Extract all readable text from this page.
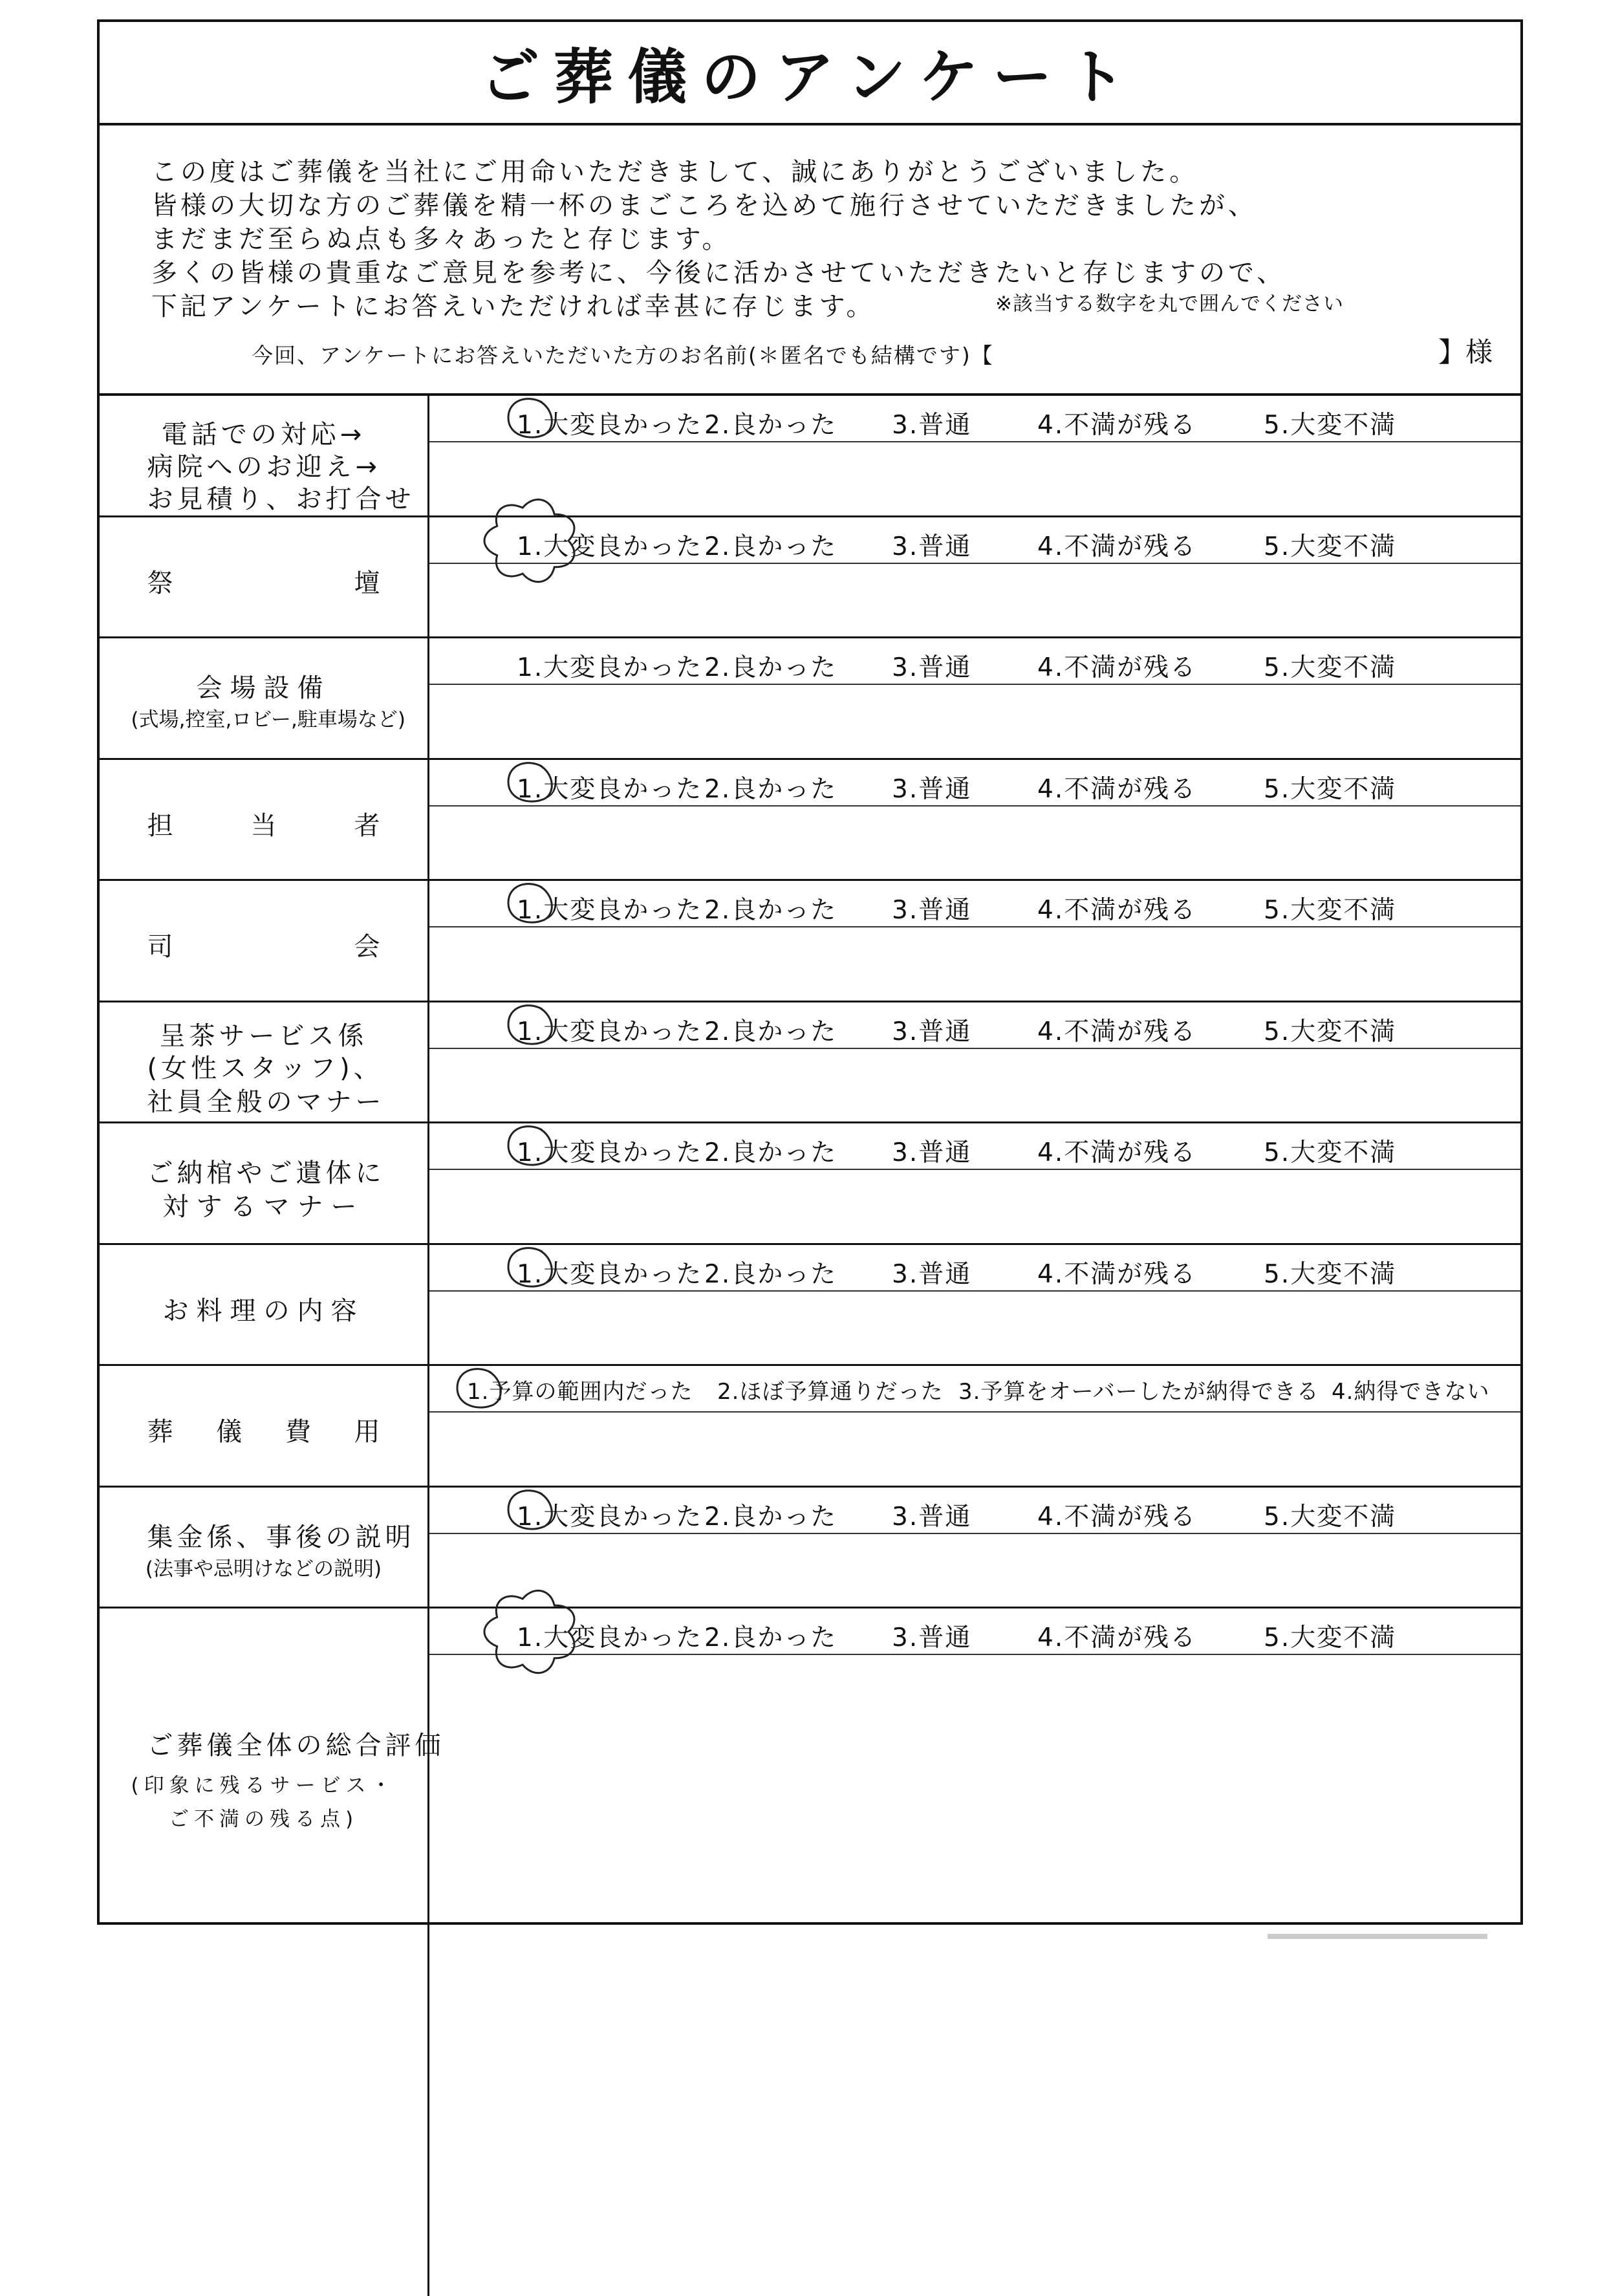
ご葬儀のアンケート
この度はご葬儀を当社にご用命いただきまして、誠にありがとうございました。
皆様の大切な方のご葬儀を精一杯のまごころを込めて施行させていただきましたが、
まだまだ至らぬ点も多々あったと存じます。
多くの皆様の貴重なご意見を参考に、今後に活かさせていただきたいと存じますので、
下記アンケートにお答えいただければ幸甚に存じます。	※該当する数字を丸で囲んでください
今回、アンケートにお答えいただいた方のお名前(＊匿名でも結構です)【	】様
電話での対応→
病院へのお迎え→
お見積り、お打合せ
1.大変良かった 2.良かった 3.普通	4.不満が残る	5.大変不満
祭	壇
1.大変良かった 2.良かった 3.普通	4.不満が残る	5.大変不満
会場設備
(式場,控室,ロビー,駐車場など)
1.大変良かった 2.良かった 3.普通	4.不満が残る	5.大変不満
担	当	者
1.大変良かった 2.良かった 3.普通	4.不満が残る	5.大変不満
司	会
1.大変良かった 2.良かった 3.普通	4.不満が残る	5.大変不満
呈茶サービス係
(女性スタッフ)、
社員全般のマナー
1.大変良かった 2.良かった 3.普通	4.不満が残る	5.大変不満
ご納棺やご遺体に
対するマナー
1.大変良かった 2.良かった 3.普通	4.不満が残る	5.大変不満
お料理の内容
1.大変良かった 2.良かった 3.普通	4.不満が残る	5.大変不満
葬 儀 費 用
1.予算の範囲内だった 2.ほぼ予算通りだった 3.予算をオーバーしたが納得できる 4.納得できない
集金係、事後の説明
(法事や忌明けなどの説明)
1.大変良かった 2.良かった 3.普通	4.不満が残る	5.大変不満
ご葬儀全体の総合評価
(印象に残るサービス・
ご不満の残る点)
1.大変良かった 2.良かった 3.普通	4.不満が残る	5.大変不満
